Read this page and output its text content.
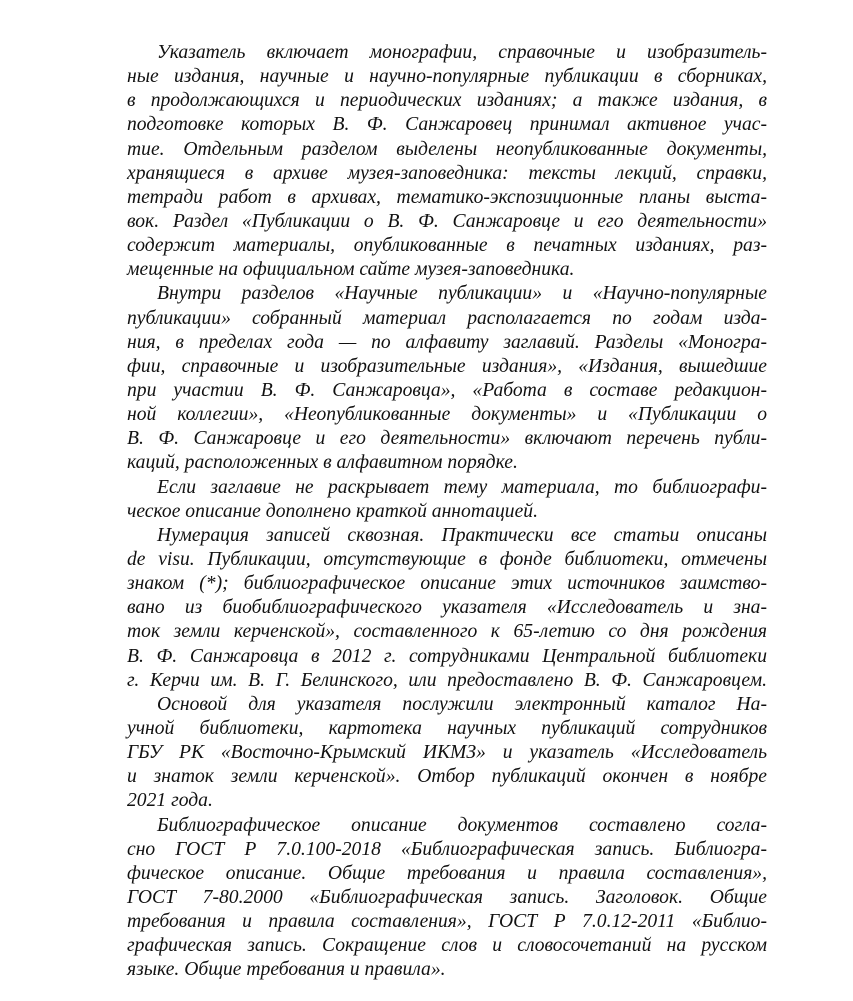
Указатель включает монографии, справочные и изобразитель-
ные издания, научные и научно-популярные публикации в сборниках,
в продолжающихся и периодических изданиях; а также издания, в
подготовке которых В. Ф. Санжаровец принимал активное учас-
тие. Отдельным разделом выделены неопубликованные документы,
хранящиеся в архиве музея-заповедника: тексты лекций, справки,
тетради работ в архивах, тематико-экспозиционные планы выста-
вок. Раздел «Публикации о В. Ф. Санжаровце и его деятельности»
содержит материалы, опубликованные в печатных изданиях, раз-
мещенные на официальном сайте музея-заповедника.
Внутри разделов «Научные публикации» и «Научно-популярные
публикации» собранный материал располагается по годам изда-
ния, в пределах года — по алфавиту заглавий. Разделы «Моногра-
фии, справочные и изобразительные издания», «Издания, вышедшие
при участии В. Ф. Санжаровца», «Работа в составе редакцион-
ной коллегии», «Неопубликованные документы» и «Публикации о
В. Ф. Санжаровце и его деятельности» включают перечень публи-
каций, расположенных в алфавитном порядке.
Если заглавие не раскрывает тему материала, то библиографи-
ческое описание дополнено краткой аннотацией.
Нумерация записей сквозная. Практически все статьи описаны
de visu. Публикации, отсутствующие в фонде библиотеки, отмечены
знаком (*); библиографическое описание этих источников заимство-
вано из биобиблиографического указателя «Исследователь и зна-
ток земли керченской», составленного к 65-летию со дня рождения
В. Ф. Санжаровца в 2012 г. сотрудниками Центральной библиотеки
г. Керчи им. В. Г. Белинского, или предоставлено В. Ф. Санжаровцем.
Основой для указателя послужили электронный каталог На-
учной библиотеки, картотека научных публикаций сотрудников
ГБУ РК «Восточно-Крымский ИКМЗ» и указатель «Исследователь
и знаток земли керченской». Отбор публикаций окончен в ноябре
2021 года.
Библиографическое описание документов составлено согла-
сно ГОСТ Р 7.0.100-2018 «Библиографическая запись. Библиогра-
фическое описание. Общие требования и правила составления»,
ГОСТ 7-80.2000 «Библиографическая запись. Заголовок. Общие
требования и правила составления», ГОСТ Р 7.0.12-2011 «Библио-
графическая запись. Сокращение слов и словосочетаний на русском
языке. Общие требования и правила».
